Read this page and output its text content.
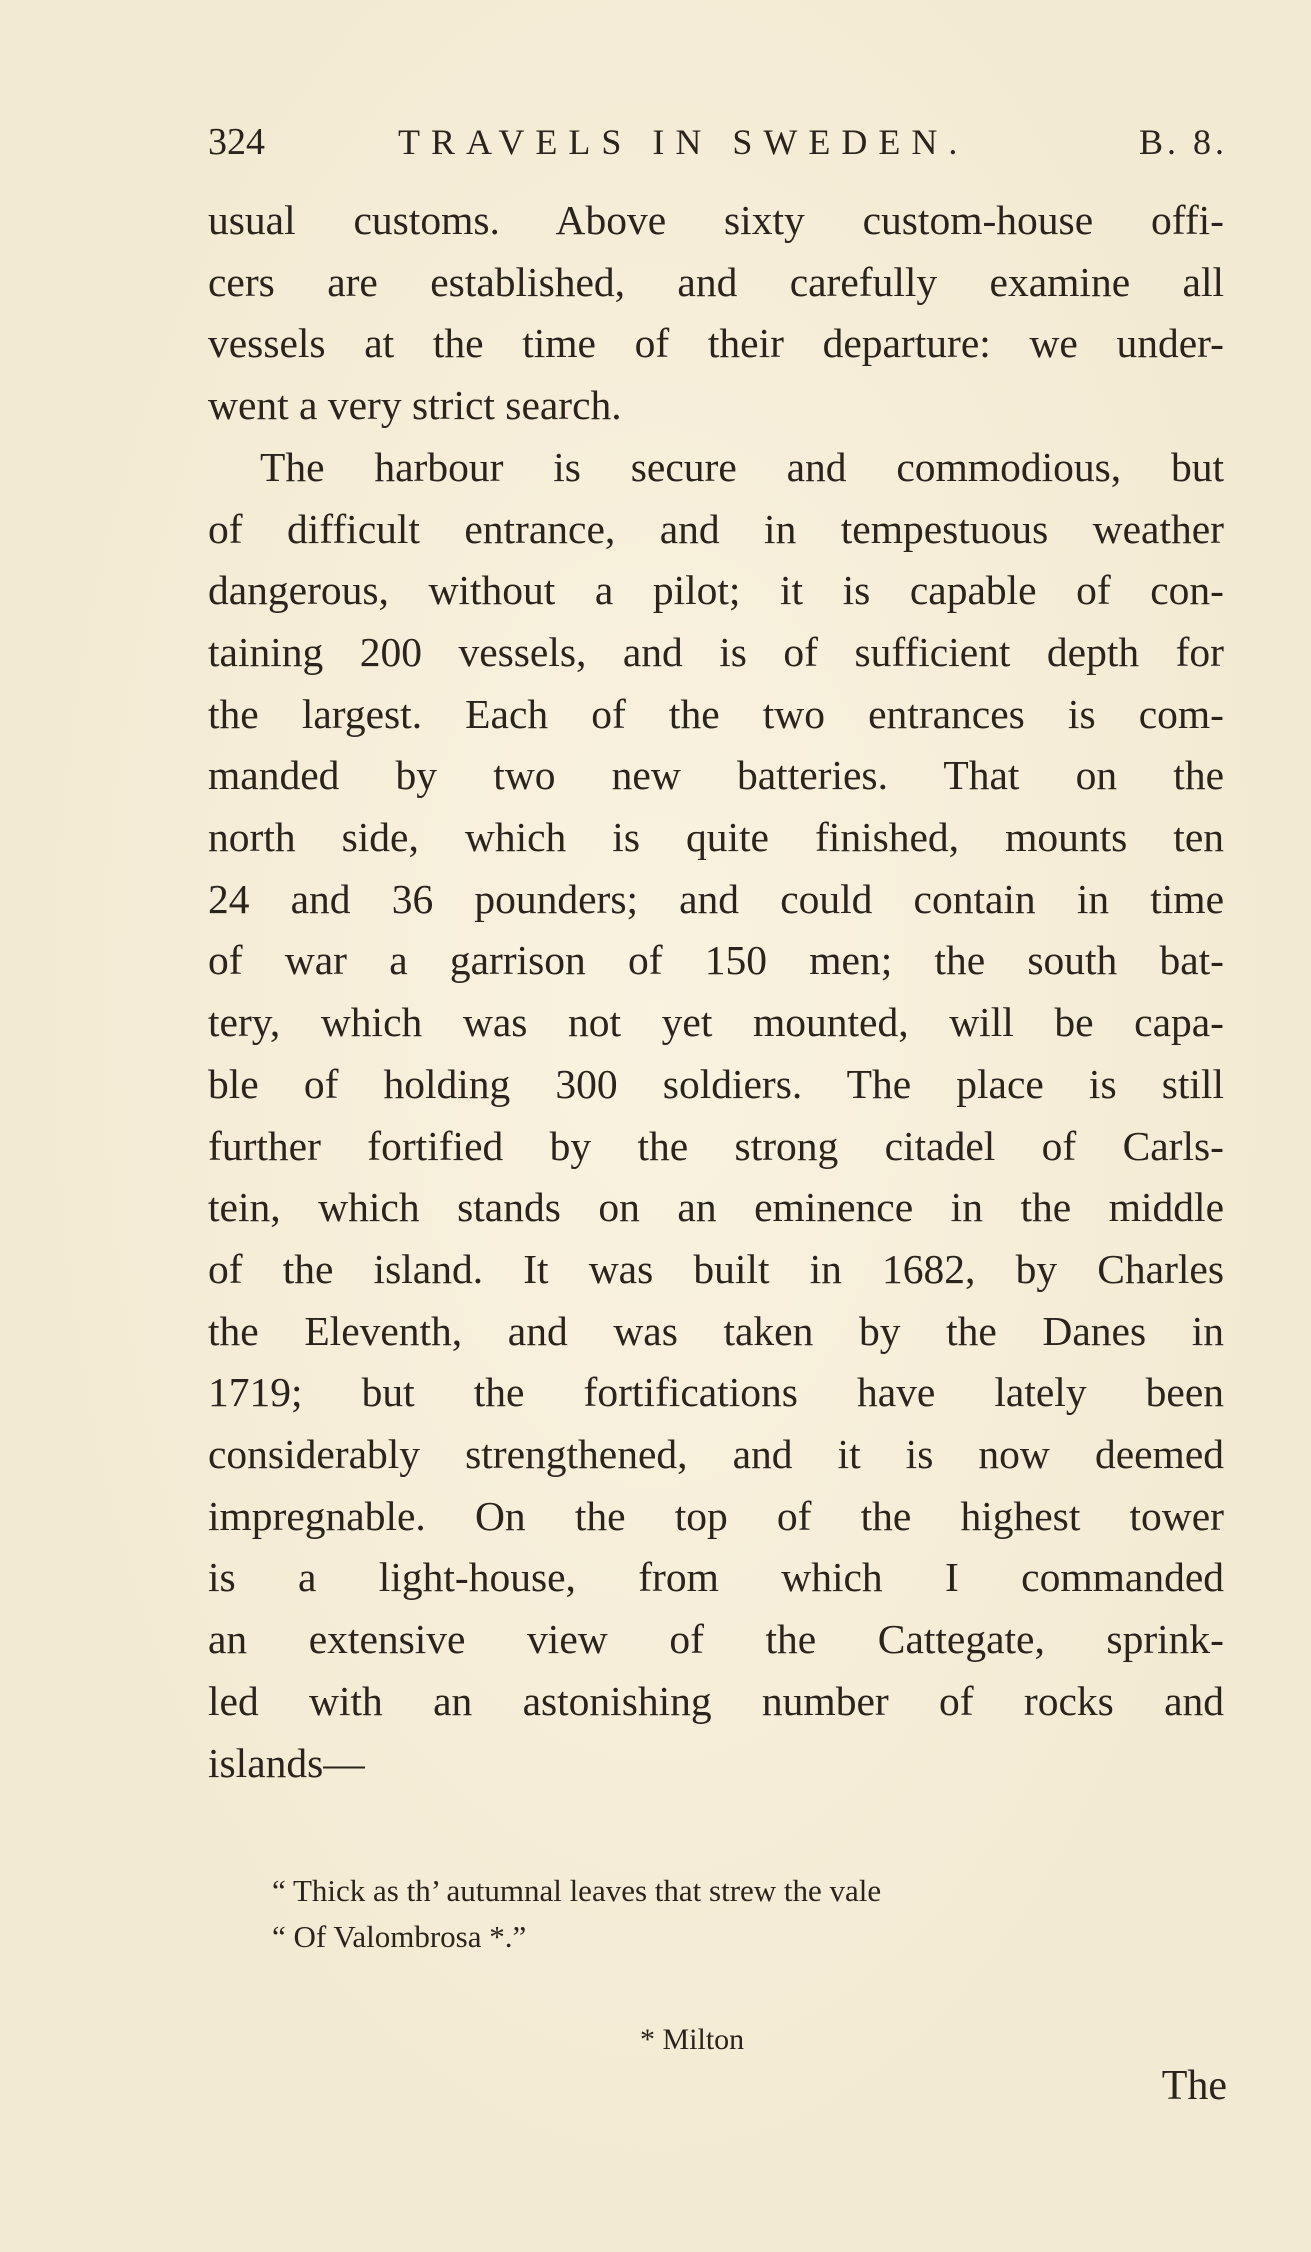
324	TRAVELS IN SWEDEN.	B. 8.
usual customs. Above sixty custom-house offi-
cers are established, and carefully examine all
vessels at the time of their departure: we under-
went a very strict search.
The harbour is secure and commodious, but
of difficult entrance, and in tempestuous weather
dangerous, without a pilot; it is capable of con-
taining 200 vessels, and is of sufficient depth for
the largest. Each of the two entrances is com-
manded by two new batteries. That on the
north side, which is quite finished, mounts ten
24 and 36 pounders; and could contain in time
of war a garrison of 150 men; the south bat-
tery, which was not yet mounted, will be capa-
ble of holding 300 soldiers. The place is still
further fortified by the strong citadel of Carls-
tein, which stands on an eminence in the middle
of the island. It was built in 1682, by Charles
the Eleventh, and was taken by the Danes in
1719; but the fortifications have lately been
considerably strengthened, and it is now deemed
impregnable. On the top of the highest tower
is a light-house, from which I commanded
an extensive view of the Cattegate, sprink-
led with an astonishing number of rocks and
islands—
“ Thick as th’ autumnal leaves that strew the vale
“ Of Valombrosa *.”
* Milton
The
